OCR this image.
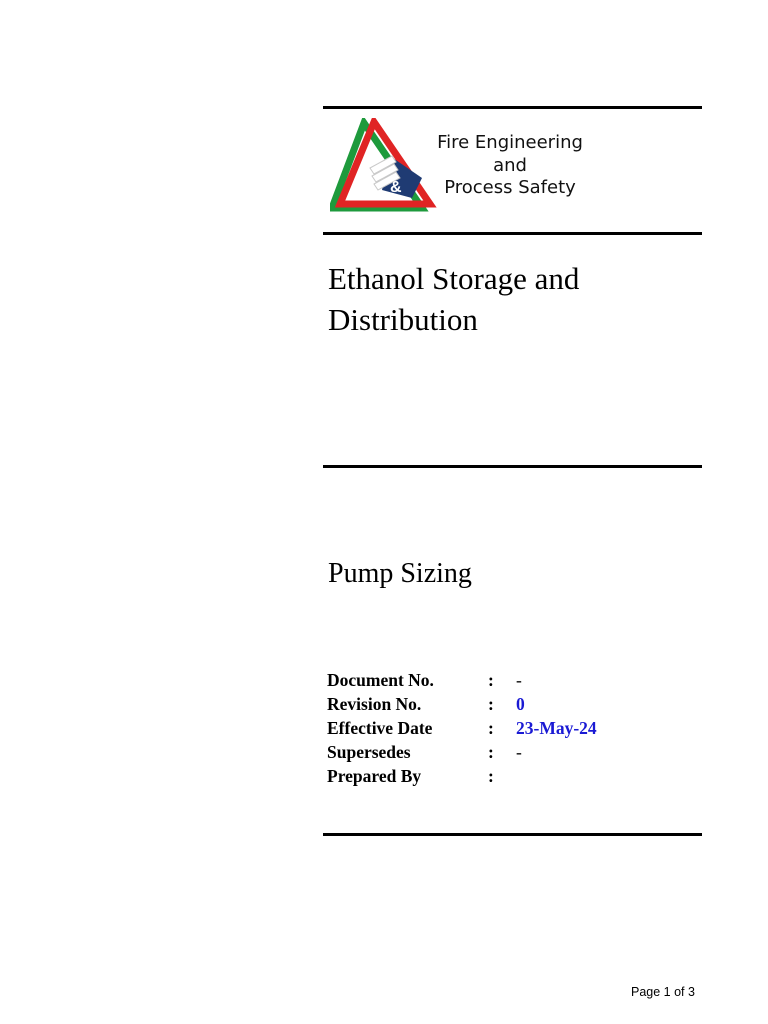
&
Fire Engineering
and
Process Safety
Ethanol Storage and
Distribution
Pump Sizing
Document No.	: -
Revision No.	: 0
Effective Date	: 23-May-24
Supersedes	: -
Prepared By	:
Page 1 of 3
